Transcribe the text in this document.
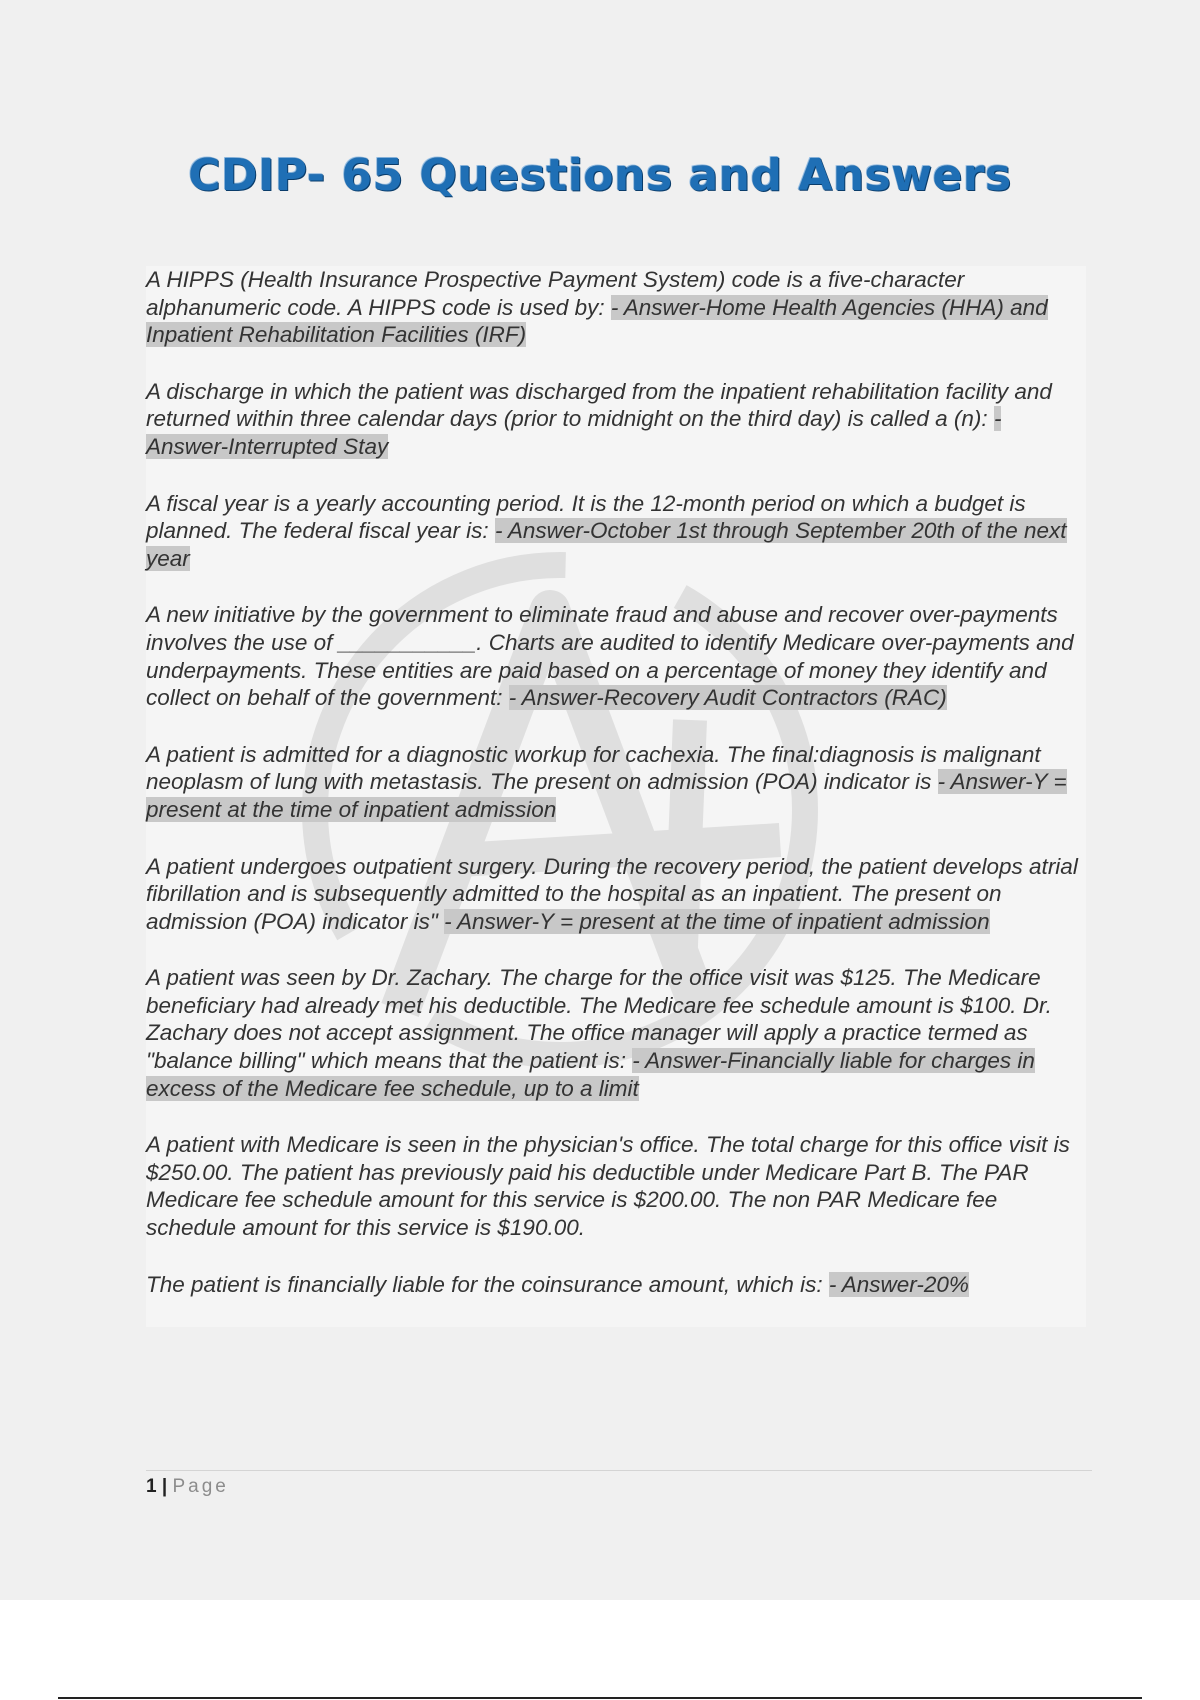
CDIP- 65 Questions and Answers

A HIPPS (Health Insurance Prospective Payment System) code is a five-character alphanumeric code. A HIPPS code is used by: - Answer-Home Health Agencies (HHA) and
Inpatient Rehabilitation Facilities (IRF)

A discharge in which the patient was discharged from the inpatient rehabilitation facility and returned within three calendar days (prior to midnight on the third day) is called a (n): - Answer-Interrupted Stay

A fiscal year is a yearly accounting period. It is the 12-month period on which a budget is planned. The federal fiscal year is: - Answer-October 1st through September 20th of the next year

A new initiative by the government to eliminate fraud and abuse and recover over-payments involves the use of ___________. Charts are audited to identify Medicare over-payments and underpayments. These entities are paid based on a percentage of money they identify and collect on behalf of the government: - Answer-Recovery Audit Contractors (RAC)

A patient is admitted for a diagnostic workup for cachexia. The final:diagnosis is malignant neoplasm of lung with metastasis. The present on admission (POA) indicator is - Answer-Y = present at the time of inpatient admission

A patient undergoes outpatient surgery. During the recovery period, the patient develops atrial fibrillation and is subsequently admitted to the hospital as an inpatient. The present on admission (POA) indicator is" - Answer-Y = present at the time of inpatient admission

A patient was seen by Dr. Zachary. The charge for the office visit was $125. The Medicare beneficiary had already met his deductible. The Medicare fee schedule amount is $100. Dr. Zachary does not accept assignment. The office manager will apply a practice termed as "balance billing" which means that the patient is: - Answer-Financially liable for charges in excess of the Medicare fee schedule, up to a limit

A patient with Medicare is seen in the physician's office. The total charge for this office visit is $250.00. The patient has previously paid his deductible under Medicare Part B. The PAR Medicare fee schedule amount for this service is $200.00. The non PAR Medicare fee schedule amount for this service is $190.00.

The patient is financially liable for the coinsurance amount, which is: - Answer-20%

1 | Page
